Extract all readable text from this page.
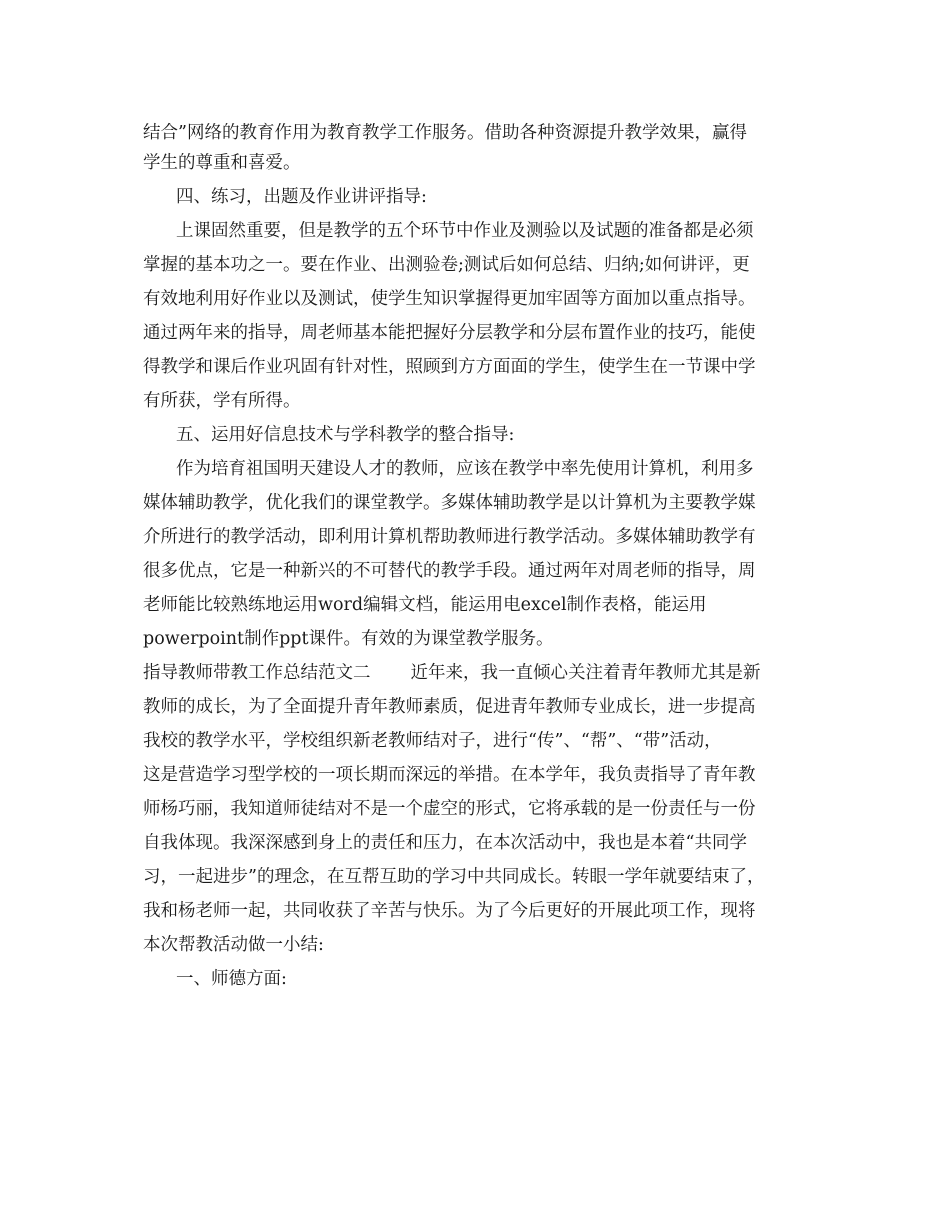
结合”网络的教育作用为教育教学工作服务。借助各种资源提升教学效果，赢得
学生的尊重和喜爱。
四、练习，出题及作业讲评指导:
上课固然重要，但是教学的五个环节中作业及测验以及试题的准备都是必须
掌握的基本功之一。要在作业、出测验卷;测试后如何总结、归纳;如何讲评，更
有效地利用好作业以及测试，使学生知识掌握得更加牢固等方面加以重点指导。
通过两年来的指导，周老师基本能把握好分层教学和分层布置作业的技巧，能使
得教学和课后作业巩固有针对性，照顾到方方面面的学生，使学生在一节课中学
有所获，学有所得。
五、运用好信息技术与学科教学的整合指导:
作为培育祖国明天建设人才的教师，应该在教学中率先使用计算机，利用多
媒体辅助教学，优化我们的课堂教学。多媒体辅助教学是以计算机为主要教学媒
介所进行的教学活动，即利用计算机帮助教师进行教学活动。多媒体辅助教学有
很多优点，它是一种新兴的不可替代的教学手段。通过两年对周老师的指导，周
老师能比较熟练地运用word编辑文档，能运用电excel制作表格，能运用
powerpoint制作ppt课件。有效的为课堂教学服务。
指导教师带教工作总结范文二 近年来，我一直倾心关注着青年教师尤其是新
教师的成长，为了全面提升青年教师素质，促进青年教师专业成长，进一步提高
我校的教学水平，学校组织新老教师结对子，进行“传”、“帮”、“带”活动，
这是营造学习型学校的一项长期而深远的举措。在本学年，我负责指导了青年教
师杨巧丽，我知道师徒结对不是一个虚空的形式，它将承载的是一份责任与一份
自我体现。我深深感到身上的责任和压力，在本次活动中，我也是本着“共同学
习，一起进步”的理念，在互帮互助的学习中共同成长。转眼一学年就要结束了，
我和杨老师一起，共同收获了辛苦与快乐。为了今后更好的开展此项工作，现将
本次帮教活动做一小结:
一、师德方面:
